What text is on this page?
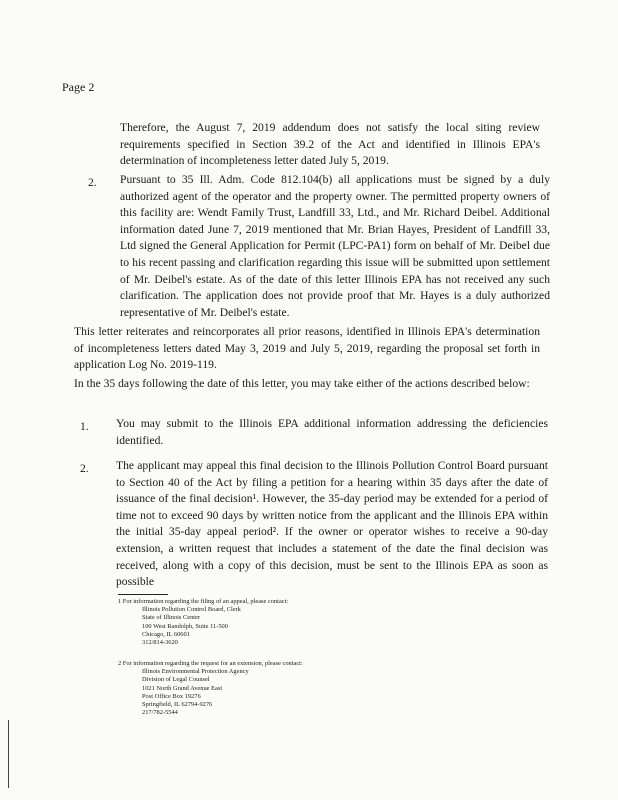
Page 2
Therefore, the August 7, 2019 addendum does not satisfy the local siting review requirements specified in Section 39.2 of the Act and identified in Illinois EPA's determination of incompleteness letter dated July 5, 2019.
2. Pursuant to 35 Ill. Adm. Code 812.104(b) all applications must be signed by a duly authorized agent of the operator and the property owner. The permitted property owners of this facility are: Wendt Family Trust, Landfill 33, Ltd., and Mr. Richard Deibel. Additional information dated June 7, 2019 mentioned that Mr. Brian Hayes, President of Landfill 33, Ltd signed the General Application for Permit (LPC-PA1) form on behalf of Mr. Deibel due to his recent passing and clarification regarding this issue will be submitted upon settlement of Mr. Deibel's estate. As of the date of this letter Illinois EPA has not received any such clarification. The application does not provide proof that Mr. Hayes is a duly authorized representative of Mr. Deibel's estate.
This letter reiterates and reincorporates all prior reasons, identified in Illinois EPA's determination of incompleteness letters dated May 3, 2019 and July 5, 2019, regarding the proposal set forth in application Log No. 2019-119.
In the 35 days following the date of this letter, you may take either of the actions described below:
1. You may submit to the Illinois EPA additional information addressing the deficiencies identified.
2. The applicant may appeal this final decision to the Illinois Pollution Control Board pursuant to Section 40 of the Act by filing a petition for a hearing within 35 days after the date of issuance of the final decision¹. However, the 35-day period may be extended for a period of time not to exceed 90 days by written notice from the applicant and the Illinois EPA within the initial 35-day appeal period². If the owner or operator wishes to receive a 90-day extension, a written request that includes a statement of the date the final decision was received, along with a copy of this decision, must be sent to the Illinois EPA as soon as possible
1 For information regarding the filing of an appeal, please contact:
Illinois Pollution Control Board, Clerk
State of Illinois Center
100 West Randolph, Suite 11-500
Chicago, IL 60601
312/814-3620
2 For information regarding the request for an extension, please contact:
Illinois Environmental Protection Agency
Division of Legal Counsel
1021 North Grand Avenue East
Post Office Box 19276
Springfield, IL 62794-9276
217/782-5544
